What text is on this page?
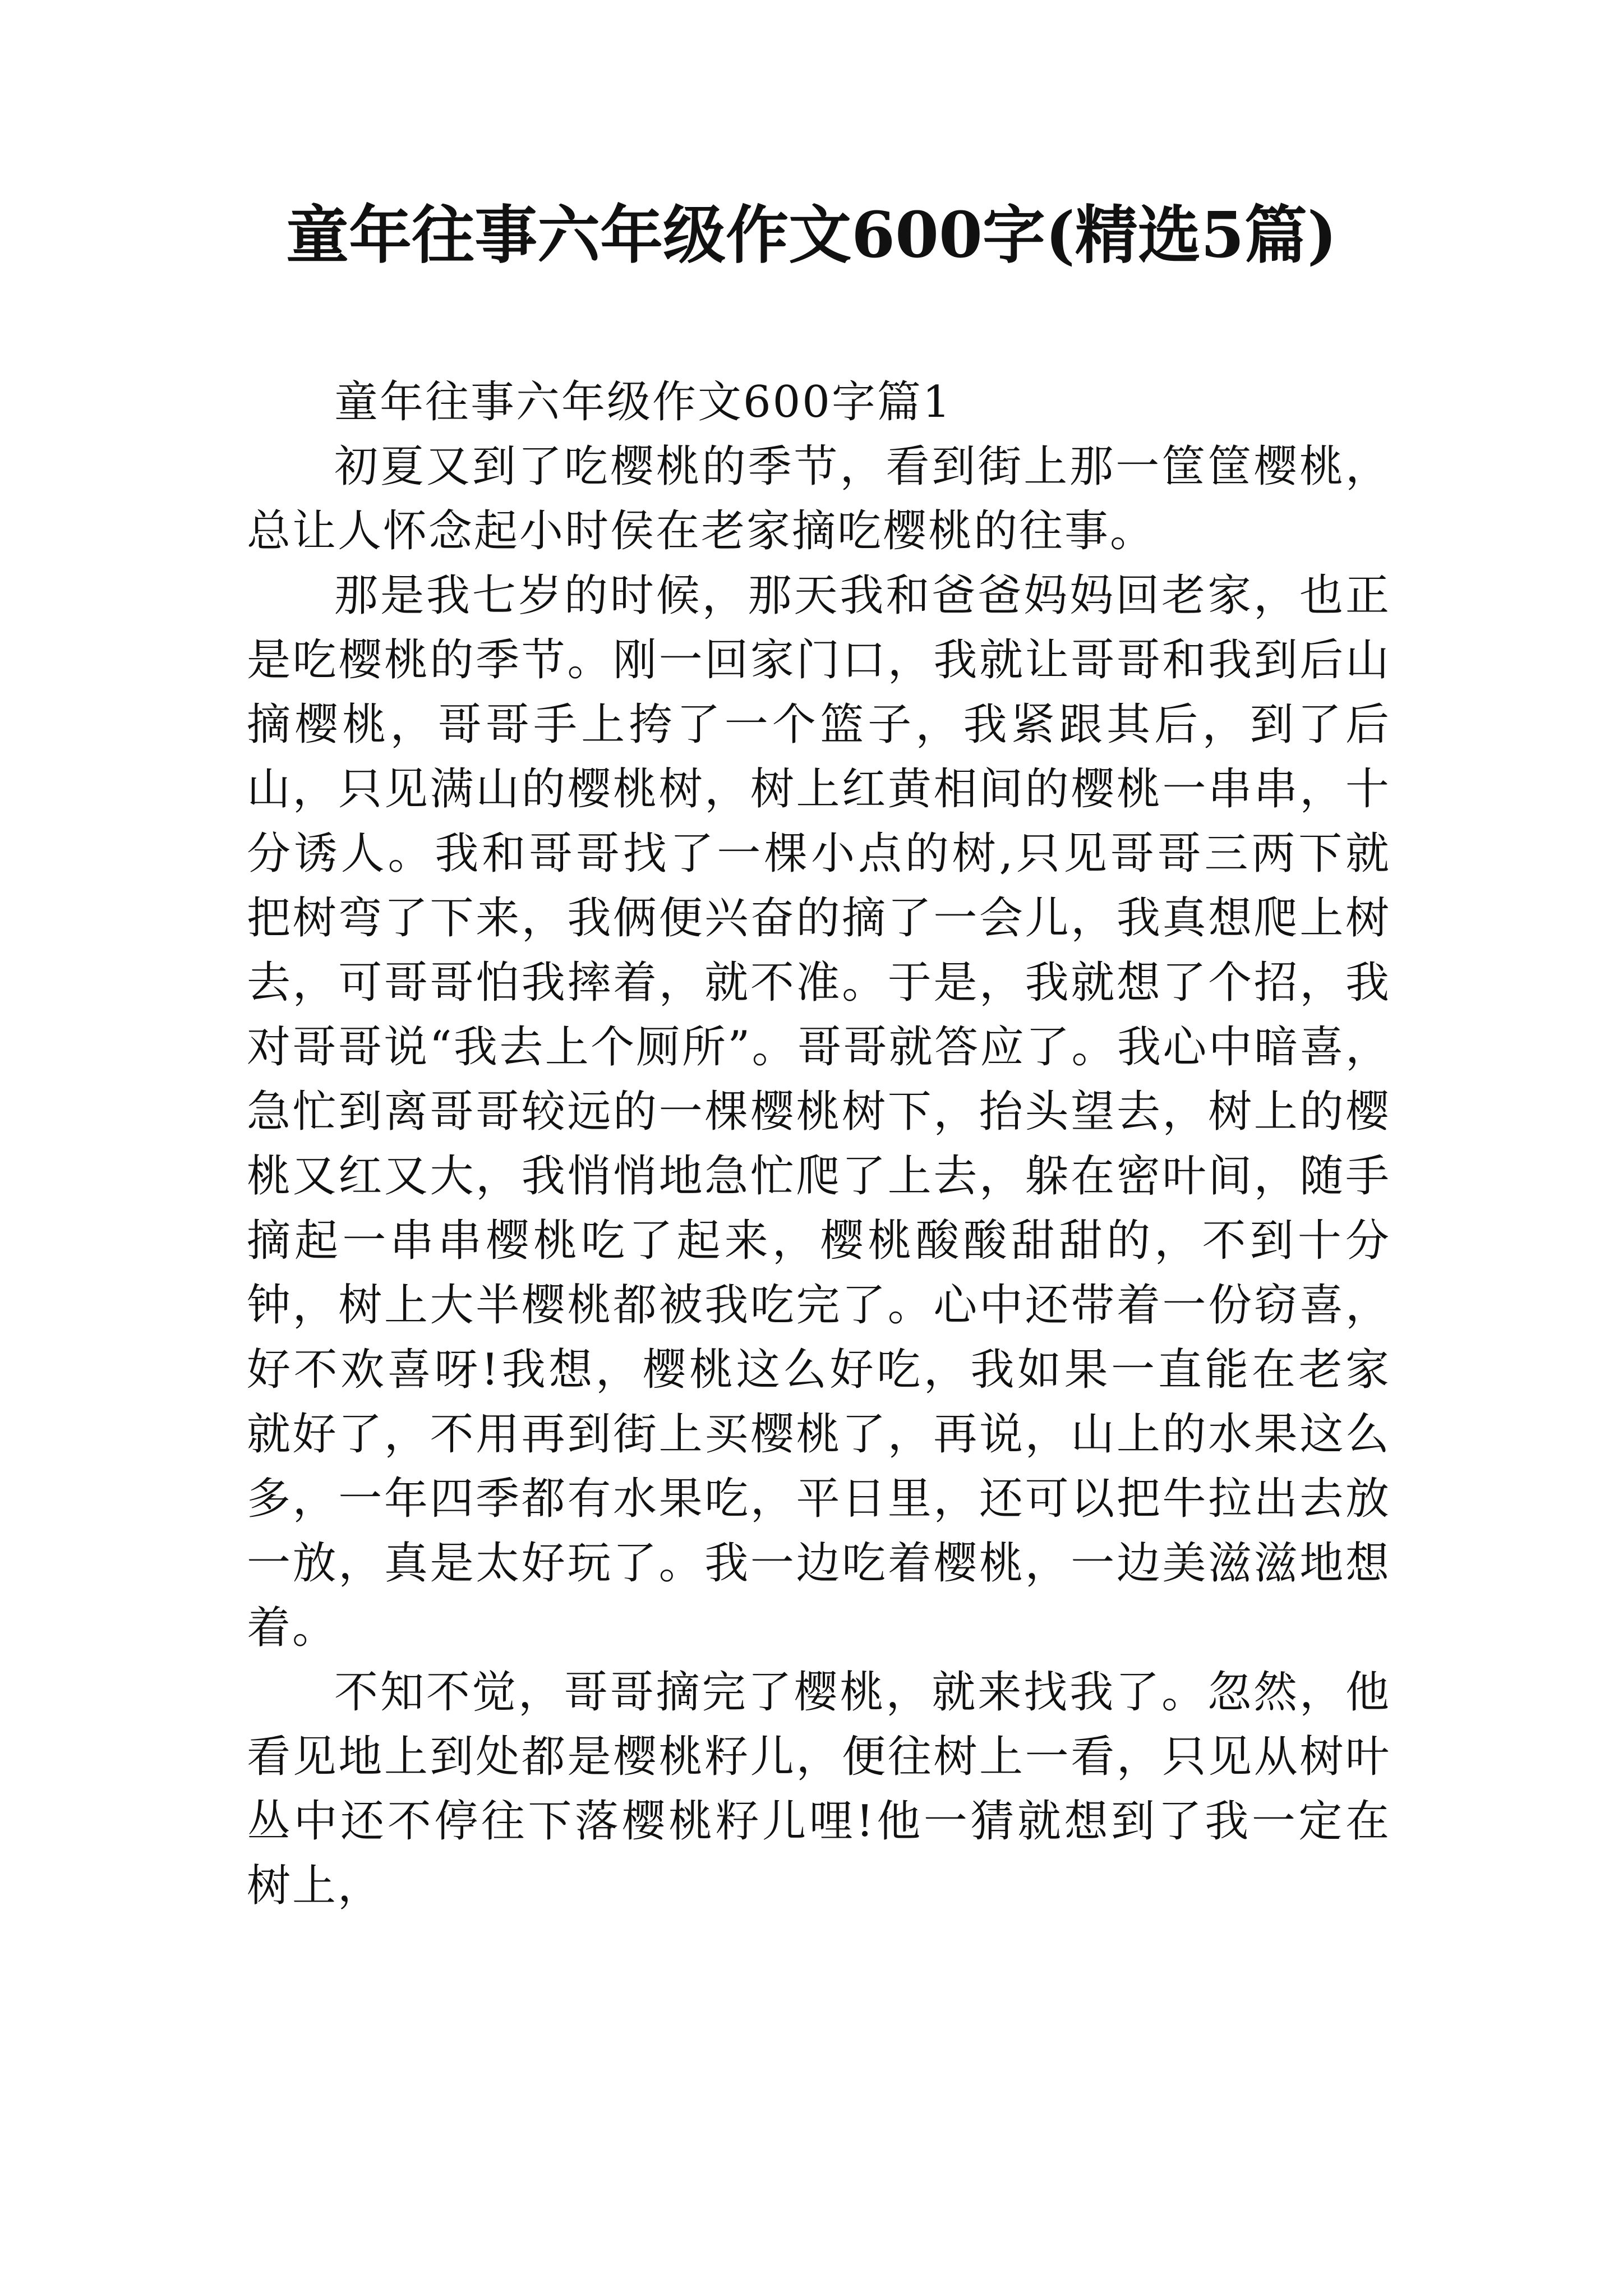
童年往事六年级作文600字(精选5篇)

童年往事六年级作文600字篇1

初夏又到了吃樱桃的季节，看到街上那一筐筐樱桃，总让人怀念起小时侯在老家摘吃樱桃的往事。

那是我七岁的时候，那天我和爸爸妈妈回老家，也正是吃樱桃的季节。刚一回家门口，我就让哥哥和我到后山摘樱桃，哥哥手上挎了一个篮子，我紧跟其后，到了后山，只见满山的樱桃树，树上红黄相间的樱桃一串串，十分诱人。我和哥哥找了一棵小点的树,只见哥哥三两下就把树弯了下来，我俩便兴奋的摘了一会儿，我真想爬上树去，可哥哥怕我摔着，就不准。于是，我就想了个招，我对哥哥说“我去上个厕所”。哥哥就答应了。我心中暗喜，急忙到离哥哥较远的一棵樱桃树下，抬头望去，树上的樱桃又红又大，我悄悄地急忙爬了上去，躲在密叶间，随手摘起一串串樱桃吃了起来，樱桃酸酸甜甜的，不到十分钟，树上大半樱桃都被我吃完了。心中还带着一份窃喜，好不欢喜呀!我想，樱桃这么好吃，我如果一直能在老家就好了，不用再到街上买樱桃了，再说，山上的水果这么多，一年四季都有水果吃，平日里，还可以把牛拉出去放一放，真是太好玩了。我一边吃着樱桃，一边美滋滋地想着。

不知不觉，哥哥摘完了樱桃，就来找我了。忽然，他看见地上到处都是樱桃籽儿，便往树上一看，只见从树叶丛中还不停往下落樱桃籽儿哩!他一猜就想到了我一定在树上，
